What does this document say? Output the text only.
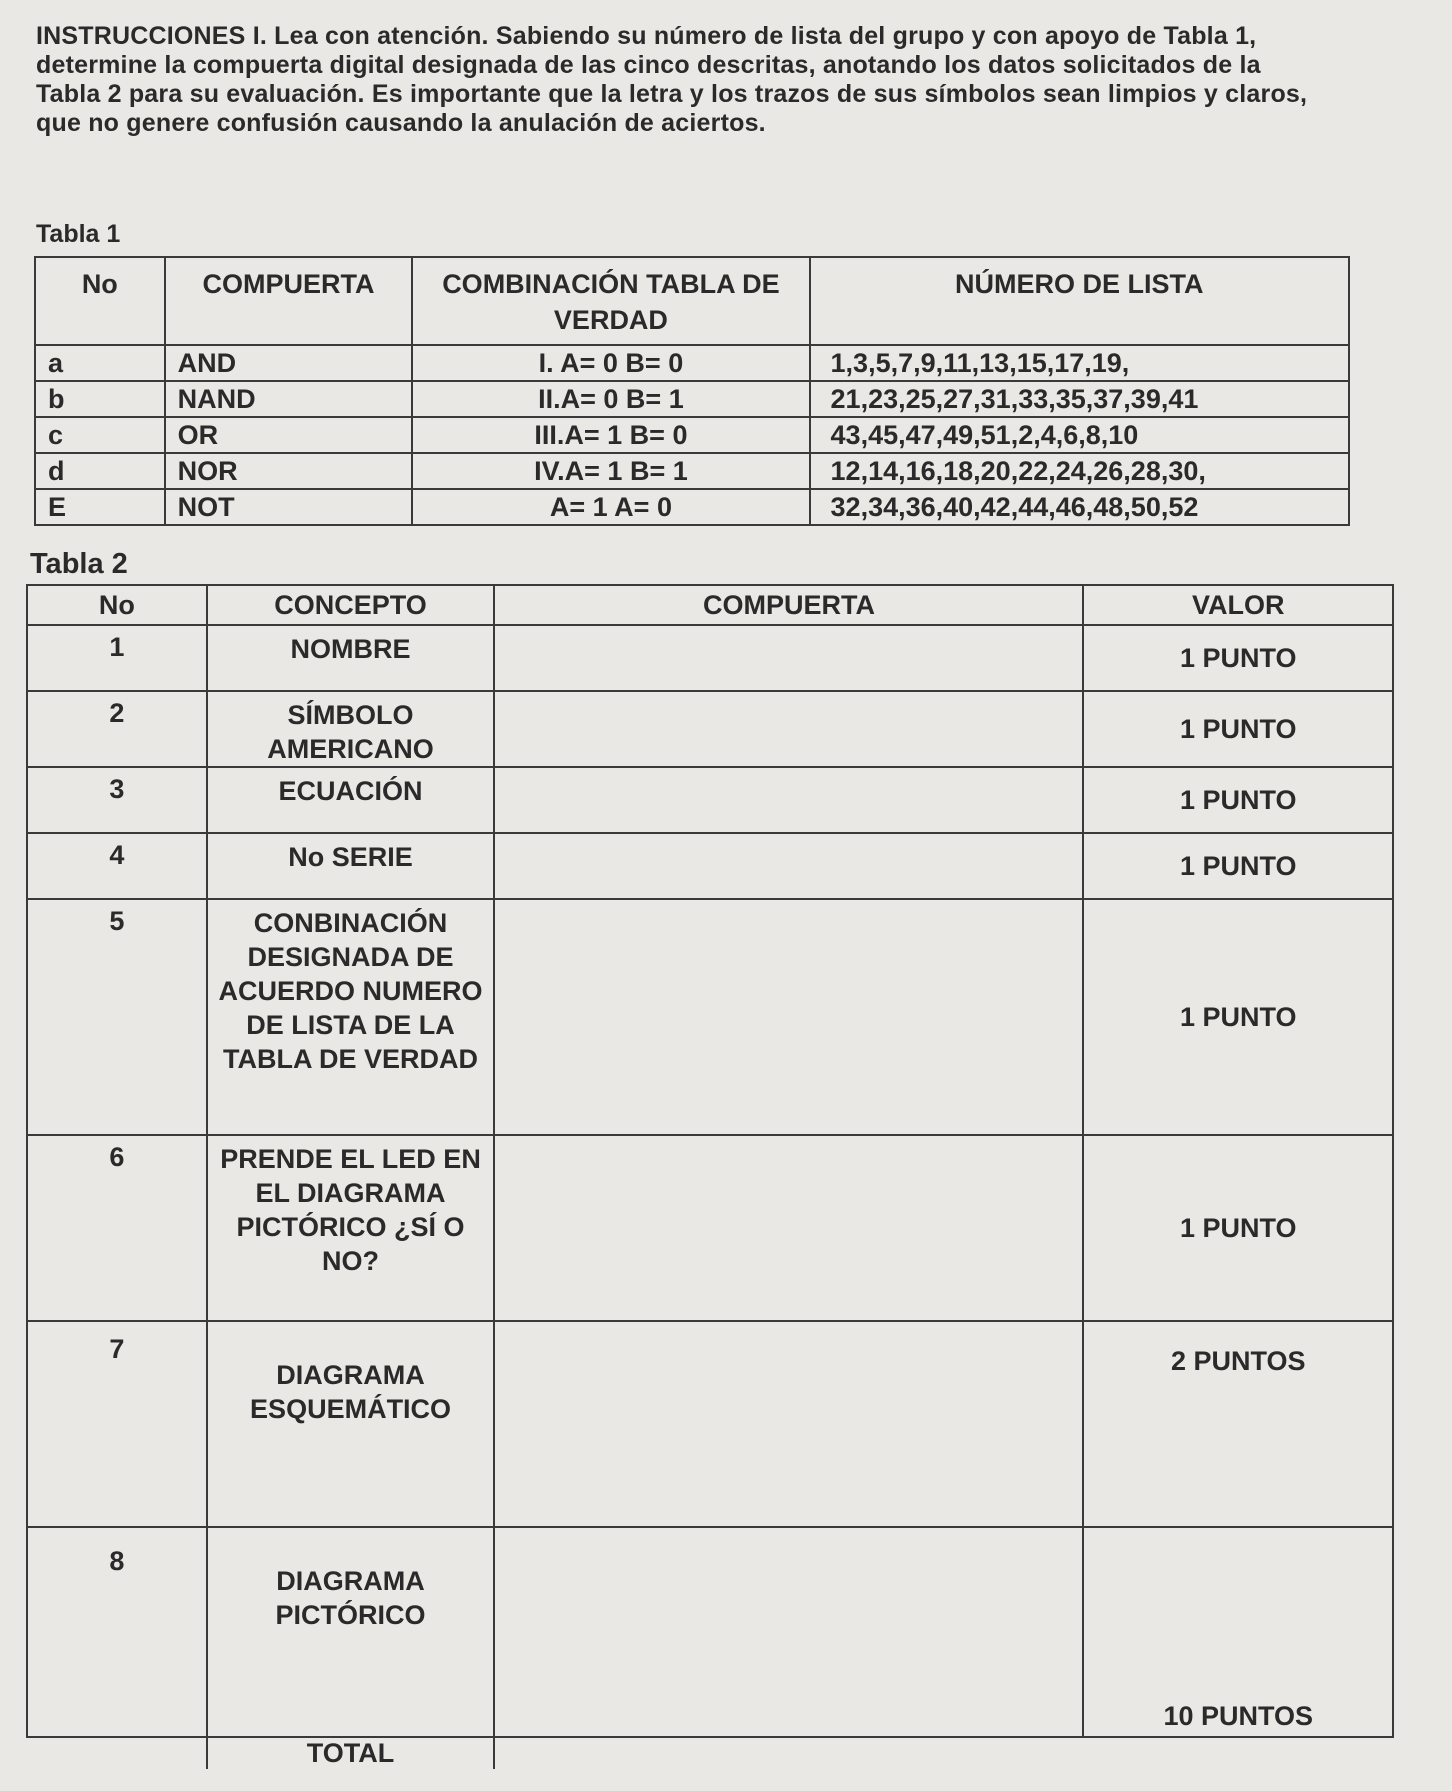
INSTRUCCIONES I. Lea con atención. Sabiendo su número de lista del grupo y con apoyo de Tabla 1, determine la compuerta digital designada de las cinco descritas, anotando los datos solicitados de la Tabla 2 para su evaluación. Es importante que la letra y los trazos de sus símbolos sean limpios y claros, que no genere confusión causando la anulación de aciertos.
Tabla 1
No	COMPUERTA	COMBINACIÓN TABLA DE VERDAD	NÚMERO DE LISTA
a	AND	I. A= 0 B= 0	1,3,5,7,9,11,13,15,17,19,
b	NAND	II.A= 0 B= 1	21,23,25,27,31,33,35,37,39,41
c	OR	III.A= 1 B= 0	43,45,47,49,51,2,4,6,8,10
d	NOR	IV.A= 1 B= 1	12,14,16,18,20,22,24,26,28,30,
E	NOT	A= 1 A= 0	32,34,36,40,42,44,46,48,50,52
Tabla 2
No	CONCEPTO	COMPUERTA	VALOR
1	NOMBRE		1 PUNTO
2	SÍMBOLO AMERICANO		1 PUNTO
3	ECUACIÓN		1 PUNTO
4	No SERIE		1 PUNTO
5	CONBINACIÓN DESIGNADA DE ACUERDO NUMERO DE LISTA DE LA TABLA DE VERDAD		1 PUNTO
6	PRENDE EL LED EN EL DIAGRAMA PICTÓRICO ¿SÍ O NO?		1 PUNTO
7	DIAGRAMA ESQUEMÁTICO		2 PUNTOS
8	DIAGRAMA PICTÓRICO		10 PUNTOS
	TOTAL		
